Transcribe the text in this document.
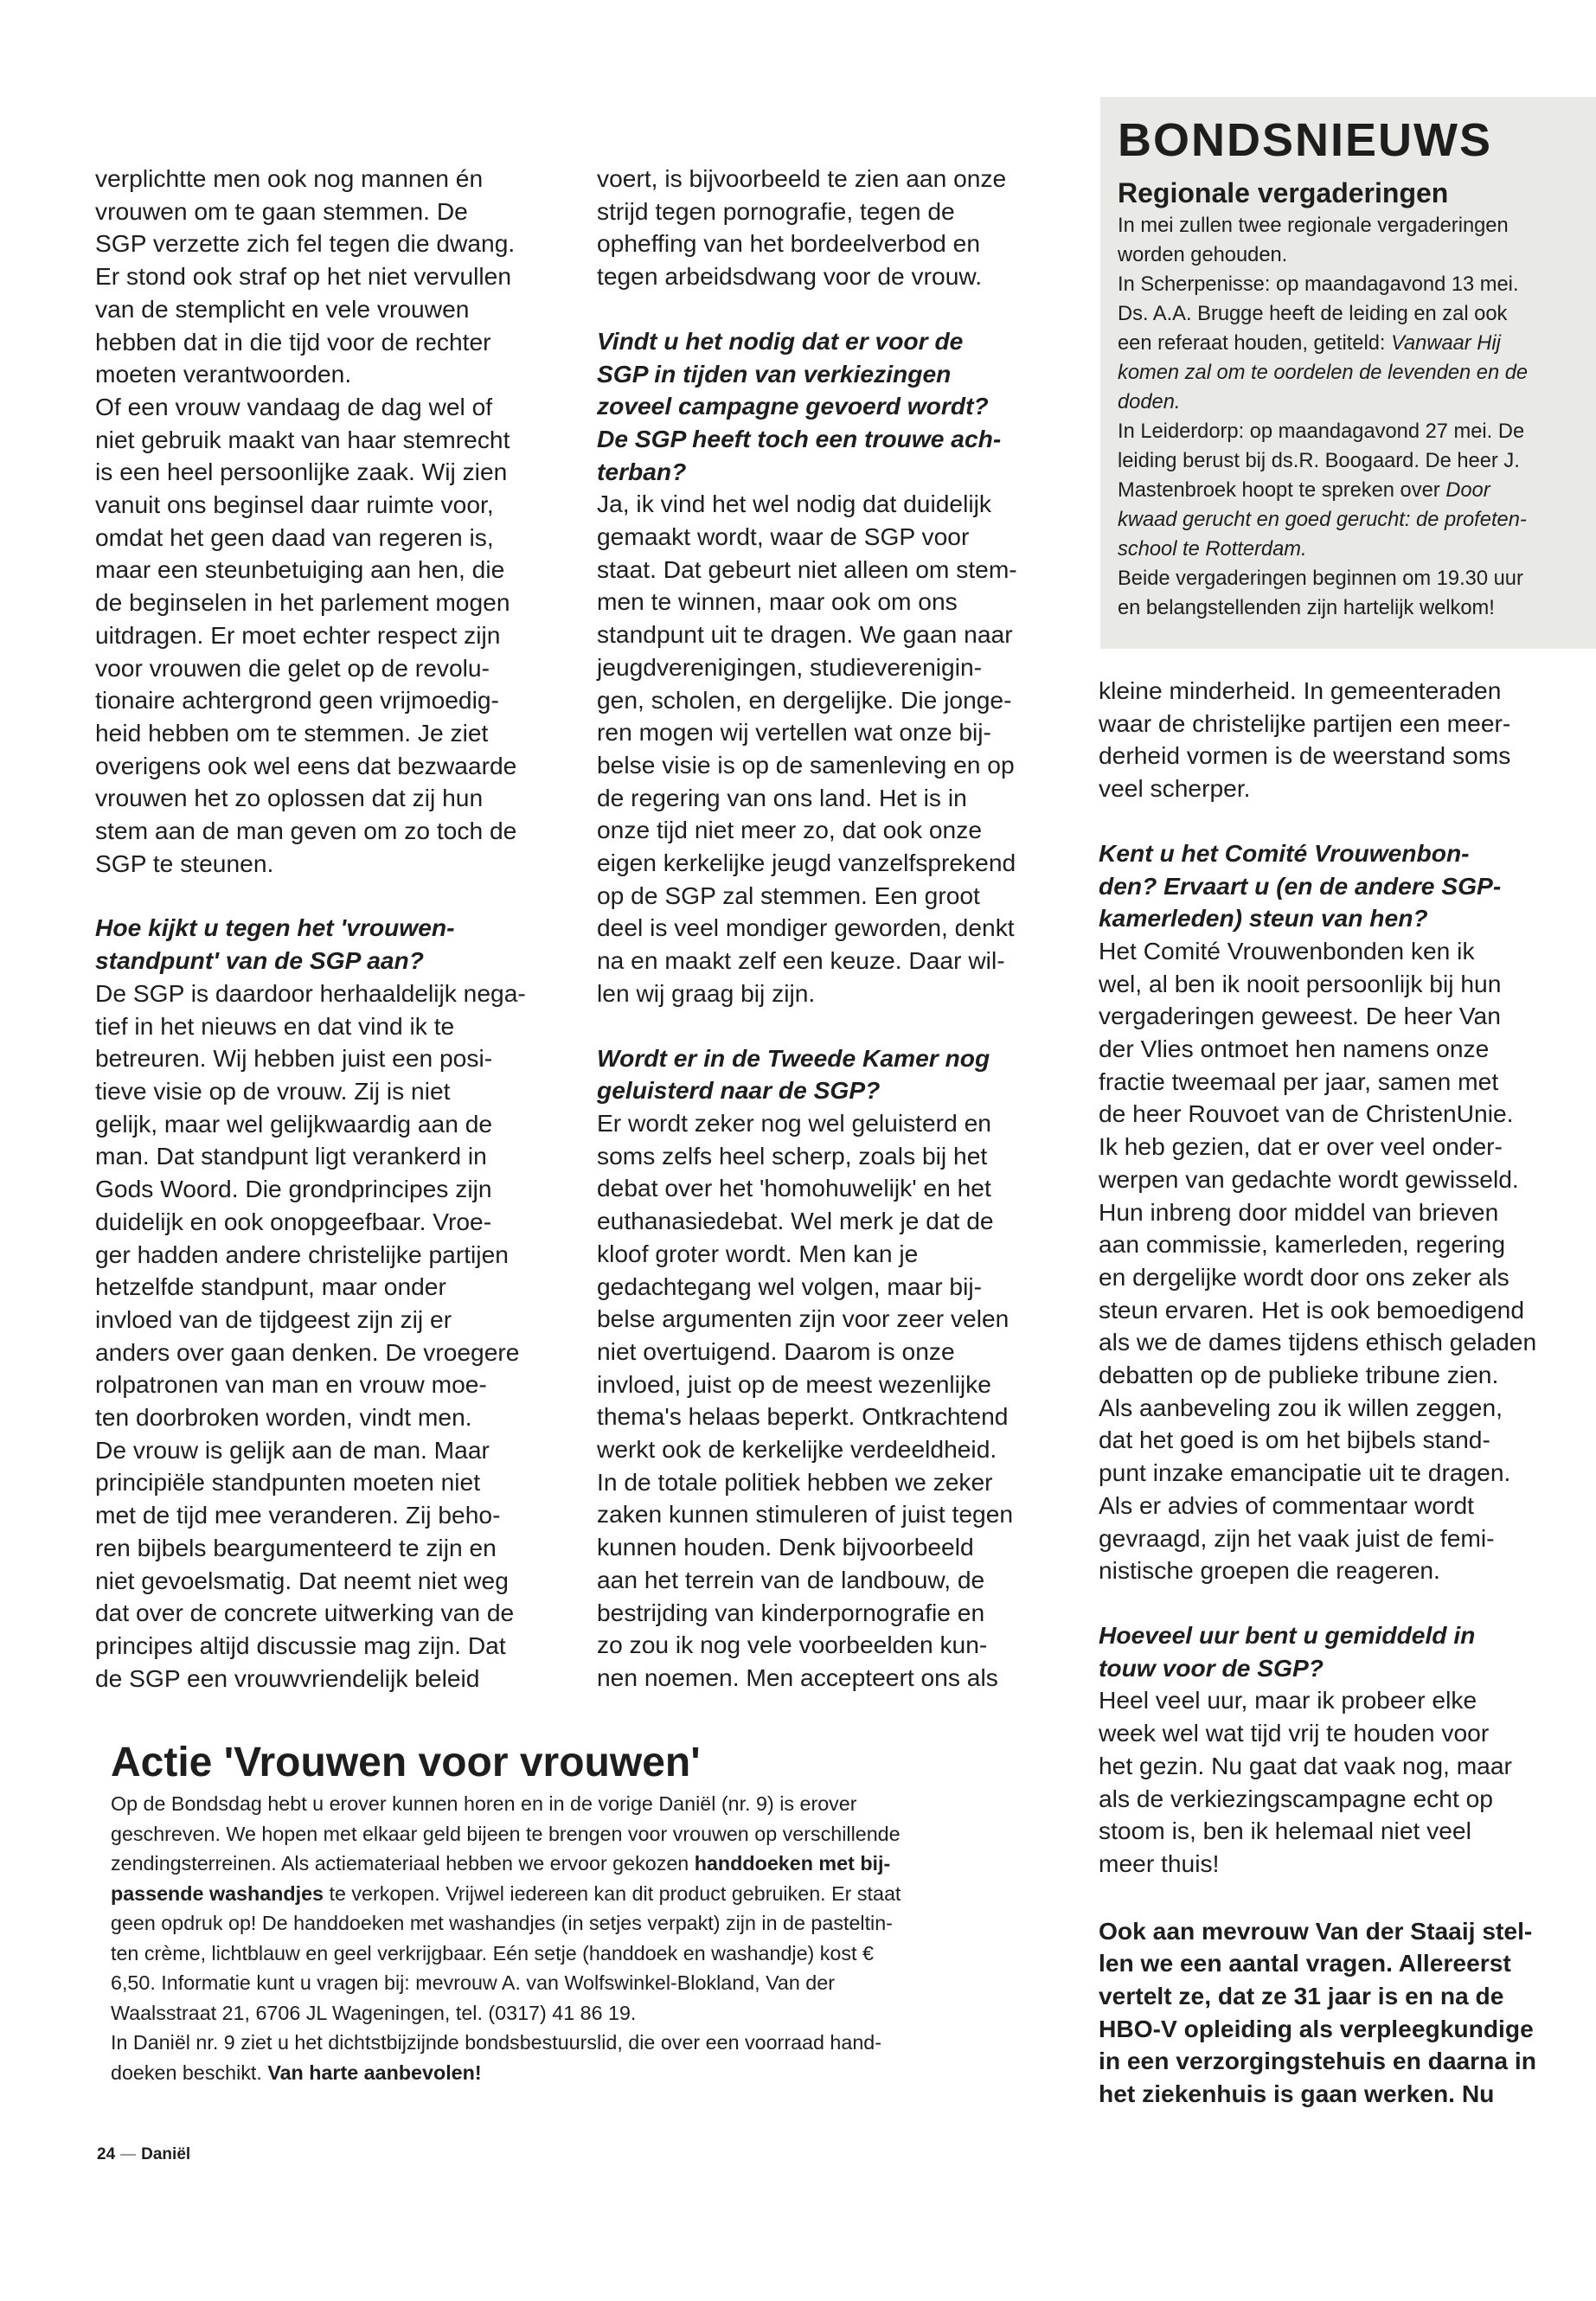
verplichtte men ook nog mannen én
vrouwen om te gaan stemmen. De
SGP verzette zich fel tegen die dwang.
Er stond ook straf op het niet vervullen
van de stemplicht en vele vrouwen
hebben dat in die tijd voor de rechter
moeten verantwoorden.

Of een vrouw vandaag de dag wel of
niet gebruik maakt van haar stemrecht
is een heel persoonlijke zaak. Wij zien
vanuit ons beginsel daar ruimte voor,
omdat het geen daad van regeren is,
maar een steunbetuiging aan hen, die
de beginselen in het parlement mogen
uitdragen. Er moet echter respect zijn
voor vrouwen die gelet op de revolu-
tionaire achtergrond geen vrijmoedig-
heid hebben om te stemmen. Je ziet
overigens ook wel eens dat bezwaarde
vrouwen het zo oplossen dat zij hun
stem aan de man geven om zo toch de
SGP te steunen.

Hoe kijkt u tegen het 'vrouwen-
standpunt' van de SGP aan?

De SGP is daardoor herhaaldelijk nega-
tief in het nieuws en dat vind ik te
betreuren. Wij hebben juist een posi-
tieve visie op de vrouw. Zij is niet
gelijk, maar wel gelijkwaardig aan de
man. Dat standpunt ligt verankerd in
Gods Woord. Die grondprincipes zijn
duidelijk en ook onopgeefbaar. Vroe-
ger hadden andere christelijke partijen
hetzelfde standpunt, maar onder
invloed van de tijdgeest zijn zij er
anders over gaan denken. De vroegere
rolpatronen van man en vrouw moe-
ten doorbroken worden, vindt men.
De vrouw is gelijk aan de man. Maar
principiële standpunten moeten niet
met de tijd mee veranderen. Zij beho-
ren bijbels beargumenteerd te zijn en
niet gevoelsmatig. Dat neemt niet weg
dat over de concrete uitwerking van de
principes altijd discussie mag zijn. Dat
de SGP een vrouwvriendelijk beleid

voert, is bijvoorbeeld te zien aan onze
strijd tegen pornografie, tegen de
opheffing van het bordeelverbod en
tegen arbeidsdwang voor de vrouw.

Vindt u het nodig dat er voor de
SGP in tijden van verkiezingen
zoveel campagne gevoerd wordt?
De SGP heeft toch een trouwe ach-
terban?

Ja, ik vind het wel nodig dat duidelijk
gemaakt wordt, waar de SGP voor
staat. Dat gebeurt niet alleen om stem-
men te winnen, maar ook om ons
standpunt uit te dragen. We gaan naar
jeugdverenigingen, studieverenigin-
gen, scholen, en dergelijke. Die jonge-
ren mogen wij vertellen wat onze bij-
belse visie is op de samenleving en op
de regering van ons land. Het is in
onze tijd niet meer zo, dat ook onze
eigen kerkelijke jeugd vanzelfsprekend
op de SGP zal stemmen. Een groot
deel is veel mondiger geworden, denkt
na en maakt zelf een keuze. Daar wil-
len wij graag bij zijn.

Wordt er in de Tweede Kamer nog
geluisterd naar de SGP?

Er wordt zeker nog wel geluisterd en
soms zelfs heel scherp, zoals bij het
debat over het 'homohuwelijk' en het
euthanasiedebat. Wel merk je dat de
kloof groter wordt. Men kan je
gedachtegang wel volgen, maar bij-
belse argumenten zijn voor zeer velen
niet overtuigend. Daarom is onze
invloed, juist op de meest wezenlijke
thema's helaas beperkt. Ontkrachtend
werkt ook de kerkelijke verdeeldheid.
In de totale politiek hebben we zeker
zaken kunnen stimuleren of juist tegen
kunnen houden. Denk bijvoorbeeld
aan het terrein van de landbouw, de
bestrijding van kinderpornografie en
zo zou ik nog vele voorbeelden kun-
nen noemen. Men accepteert ons als

BONDSNIEUWS
Regionale vergaderingen

In mei zullen twee regionale vergaderingen
worden gehouden.
In Scherpenisse: op maandagavond 13 mei.
Ds. A.A. Brugge heeft de leiding en zal ook
een referaat houden, getiteld: Vanwaar Hij
komen zal om te oordelen de levenden en de
doden.
In Leiderdorp: op maandagavond 27 mei. De
leiding berust bij ds.R. Boogaard. De heer J.
Mastenbroek hoopt te spreken over Door
kwaad gerucht en goed gerucht: de profeten-
school te Rotterdam.
Beide vergaderingen beginnen om 19.30 uur
en belangstellenden zijn hartelijk welkom!

kleine minderheid. In gemeenteraden
waar de christelijke partijen een meer-
derheid vormen is de weerstand soms
veel scherper.

Kent u het Comité Vrouwenbon-
den? Ervaart u (en de andere SGP-
kamerleden) steun van hen?

Het Comité Vrouwenbonden ken ik
wel, al ben ik nooit persoonlijk bij hun
vergaderingen geweest. De heer Van
der Vlies ontmoet hen namens onze
fractie tweemaal per jaar, samen met
de heer Rouvoet van de ChristenUnie.
Ik heb gezien, dat er over veel onder-
werpen van gedachte wordt gewisseld.
Hun inbreng door middel van brieven
aan commissie, kamerleden, regering
en dergelijke wordt door ons zeker als
steun ervaren. Het is ook bemoedigend
als we de dames tijdens ethisch geladen
debatten op de publieke tribune zien.
Als aanbeveling zou ik willen zeggen,
dat het goed is om het bijbels stand-
punt inzake emancipatie uit te dragen.
Als er advies of commentaar wordt
gevraagd, zijn het vaak juist de femi-
nistische groepen die reageren.

Hoeveel uur bent u gemiddeld in
touw voor de SGP?

Heel veel uur, maar ik probeer elke
week wel wat tijd vrij te houden voor
het gezin. Nu gaat dat vaak nog, maar
als de verkiezingscampagne echt op
stoom is, ben ik helemaal niet veel
meer thuis!

Ook aan mevrouw Van der Staaij stel-
len we een aantal vragen. Allereerst
vertelt ze, dat ze 31 jaar is en na de
HBO-V opleiding als verpleegkundige
in een verzorgingstehuis en daarna in
het ziekenhuis is gaan werken. Nu

Actie 'Vrouwen voor vrouwen'

Op de Bondsdag hebt u erover kunnen horen en in de vorige Daniël (nr. 9) is erover
geschreven. We hopen met elkaar geld bijeen te brengen voor vrouwen op verschillende
zendingsterreinen. Als actiemateriaal hebben we ervoor gekozen handdoeken met bij-
passende washandjes te verkopen. Vrijwel iedereen kan dit product gebruiken. Er staat
geen opdruk op! De handdoeken met washandjes (in setjes verpakt) zijn in de pasteltin-
ten crème, lichtblauw en geel verkrijgbaar. Eén setje (handdoek en washandje) kost €
6,50. Informatie kunt u vragen bij: mevrouw A. van Wolfswinkel-Blokland, Van der
Waalsstraat 21, 6706 JL Wageningen, tel. (0317) 41 86 19.
In Daniël nr. 9 ziet u het dichtstbijzijnde bondsbestuurslid, die over een voorraad hand-
doeken beschikt. Van harte aanbevolen!

24 Daniël
